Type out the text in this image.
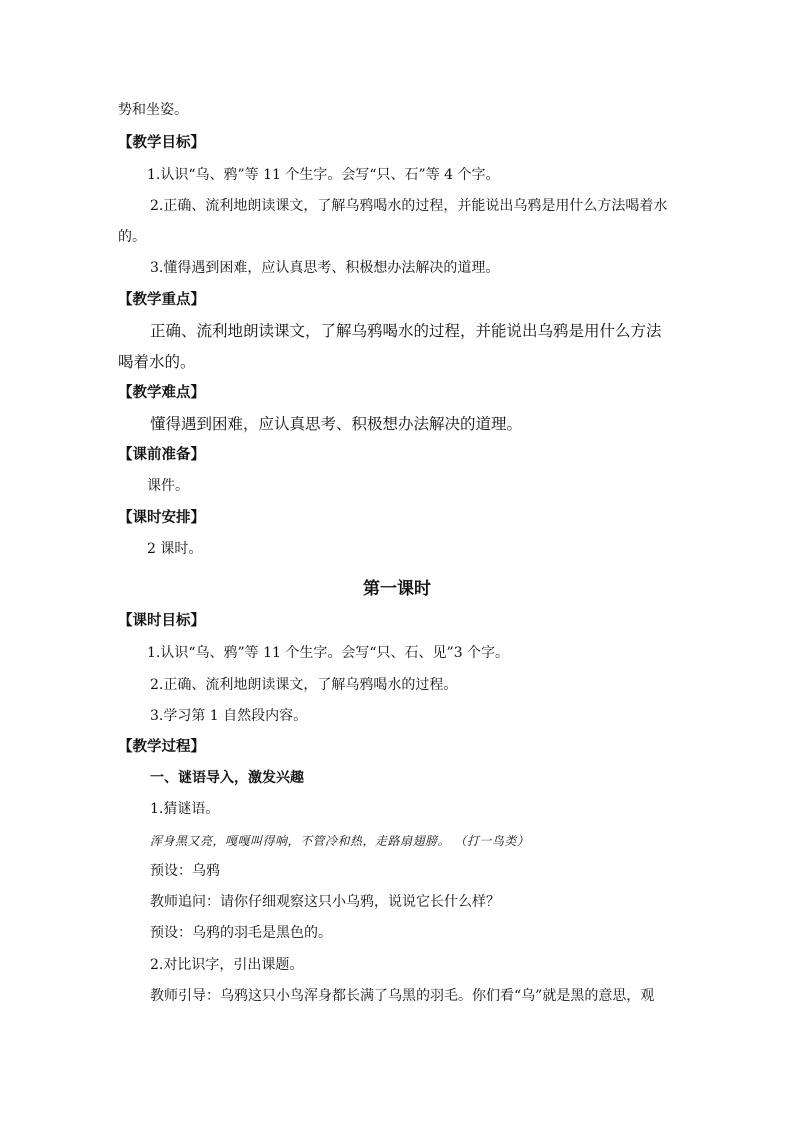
势和坐姿。
【教学目标】
1.认识“乌、鸦”等 11 个生字。会写“只、石”等 4 个字。
2.正确、流利地朗读课文，了解乌鸦喝水的过程，并能说出乌鸦是用什么方法喝着水
的。
3.懂得遇到困难，应认真思考、积极想办法解决的道理。
【教学重点】
正确、流利地朗读课文，了解乌鸦喝水的过程，并能说出乌鸦是用什么方法
喝着水的。
【教学难点】
懂得遇到困难，应认真思考、积极想办法解决的道理。
【课前准备】
课件。
【课时安排】
2 课时。
第一课时
【课时目标】
1.认识“乌、鸦”等 11 个生字。会写“只、石、见”3 个字。
2.正确、流利地朗读课文，了解乌鸦喝水的过程。
3.学习第 1 自然段内容。
【教学过程】
一、谜语导入，激发兴趣
1.猜谜语。
浑身黑又亮，嘎嘎叫得响，不管冷和热，走路扇翅膀。 （打一鸟类）
预设：乌鸦
教师追问：请你仔细观察这只小乌鸦，说说它长什么样？
预设：乌鸦的羽毛是黑色的。
2.对比识字，引出课题。
教师引导：乌鸦这只小鸟浑身都长满了乌黑的羽毛。你们看“乌”就是黑的意思，观
